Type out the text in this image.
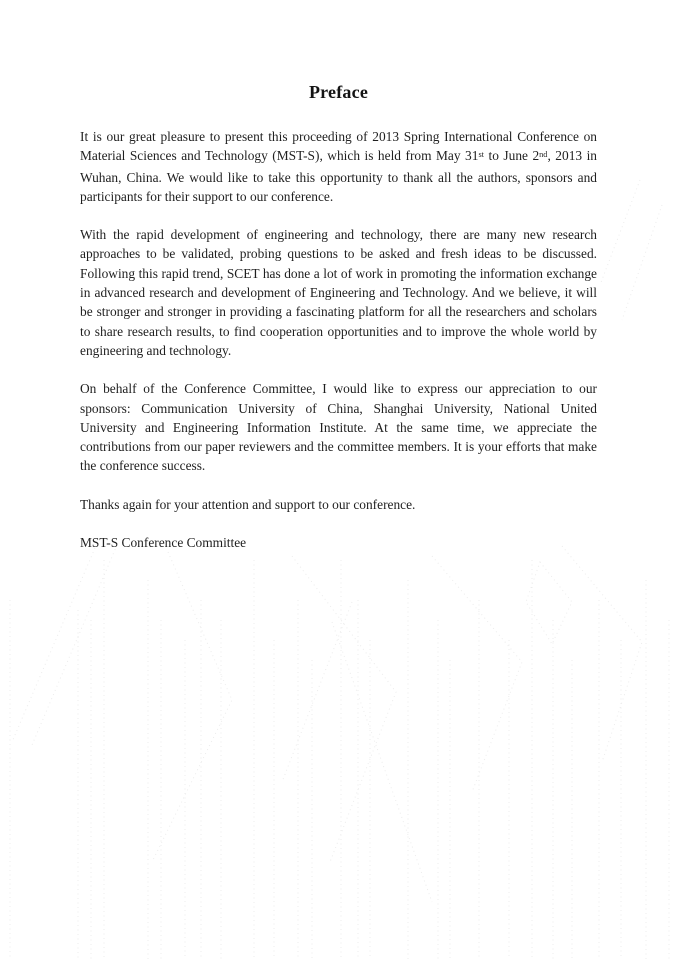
Preface

It is our great pleasure to present this proceeding of 2013 Spring International Conference on Material Sciences and Technology (MST-S), which is held from May 31st to June 2nd, 2013 in Wuhan, China. We would like to take this opportunity to thank all the authors, sponsors and participants for their support to our conference.

With the rapid development of engineering and technology, there are many new research approaches to be validated, probing questions to be asked and fresh ideas to be discussed. Following this rapid trend, SCET has done a lot of work in promoting the information exchange in advanced research and development of Engineering and Technology. And we believe, it will be stronger and stronger in providing a fascinating platform for all the researchers and scholars to share research results, to find cooperation opportunities and to improve the whole world by engineering and technology.

On behalf of the Conference Committee, I would like to express our appreciation to our sponsors: Communication University of China, Shanghai University, National United University and Engineering Information Institute. At the same time, we appreciate the contributions from our paper reviewers and the committee members. It is your efforts that make the conference success.

Thanks again for your attention and support to our conference.

MST-S Conference Committee
